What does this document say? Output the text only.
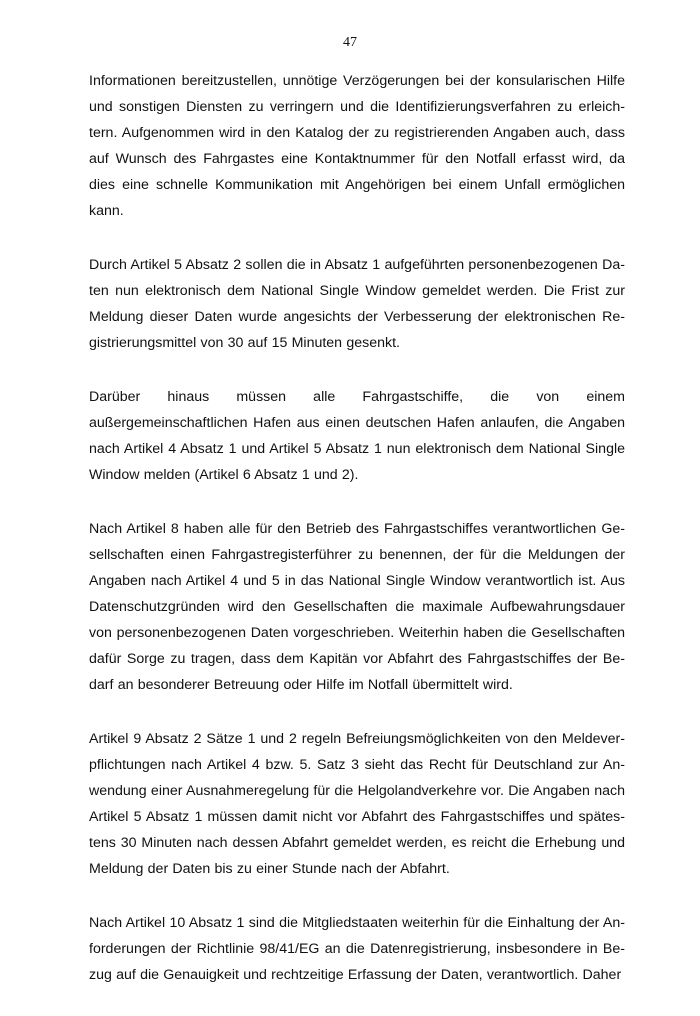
47

Informationen bereitzustellen, unnötige Verzögerungen bei der konsularischen Hilfe und sonstigen Diensten zu verringern und die Identifizierungsverfahren zu erleichtern. Aufgenommen wird in den Katalog der zu registrierenden Angaben auch, dass auf Wunsch des Fahrgastes eine Kontaktnummer für den Notfall erfasst wird, da dies eine schnelle Kommunikation mit Angehörigen bei einem Unfall ermöglichen kann.

Durch Artikel 5 Absatz 2 sollen die in Absatz 1 aufgeführten personenbezogenen Daten nun elektronisch dem National Single Window gemeldet werden. Die Frist zur Meldung dieser Daten wurde angesichts der Verbesserung der elektronischen Registrierungsmittel von 30 auf 15 Minuten gesenkt.

Darüber hinaus müssen alle Fahrgastschiffe, die von einem außergemeinschaftlichen Hafen aus einen deutschen Hafen anlaufen, die Angaben nach Artikel 4 Absatz 1 und Artikel 5 Absatz 1 nun elektronisch dem National Single Window melden (Artikel 6 Absatz 1 und 2).

Nach Artikel 8 haben alle für den Betrieb des Fahrgastschiffes verantwortlichen Gesellschaften einen Fahrgastregisterführer zu benennen, der für die Meldungen der Angaben nach Artikel 4 und 5 in das National Single Window verantwortlich ist. Aus Datenschutzgründen wird den Gesellschaften die maximale Aufbewahrungsdauer von personenbezogenen Daten vorgeschrieben. Weiterhin haben die Gesellschaften dafür Sorge zu tragen, dass dem Kapitän vor Abfahrt des Fahrgastschiffes der Bedarf an besonderer Betreuung oder Hilfe im Notfall übermittelt wird.

Artikel 9 Absatz 2 Sätze 1 und 2 regeln Befreiungsmöglichkeiten von den Meldeverpflichtungen nach Artikel 4 bzw. 5. Satz 3 sieht das Recht für Deutschland zur Anwendung einer Ausnahmeregelung für die Helgolandverkehre vor. Die Angaben nach Artikel 5 Absatz 1 müssen damit nicht vor Abfahrt des Fahrgastschiffes und spätestens 30 Minuten nach dessen Abfahrt gemeldet werden, es reicht die Erhebung und Meldung der Daten bis zu einer Stunde nach der Abfahrt.

Nach Artikel 10 Absatz 1 sind die Mitgliedstaaten weiterhin für die Einhaltung der Anforderungen der Richtlinie 98/41/EG an die Datenregistrierung, insbesondere in Bezug auf die Genauigkeit und rechtzeitige Erfassung der Daten, verantwortlich. Daher
